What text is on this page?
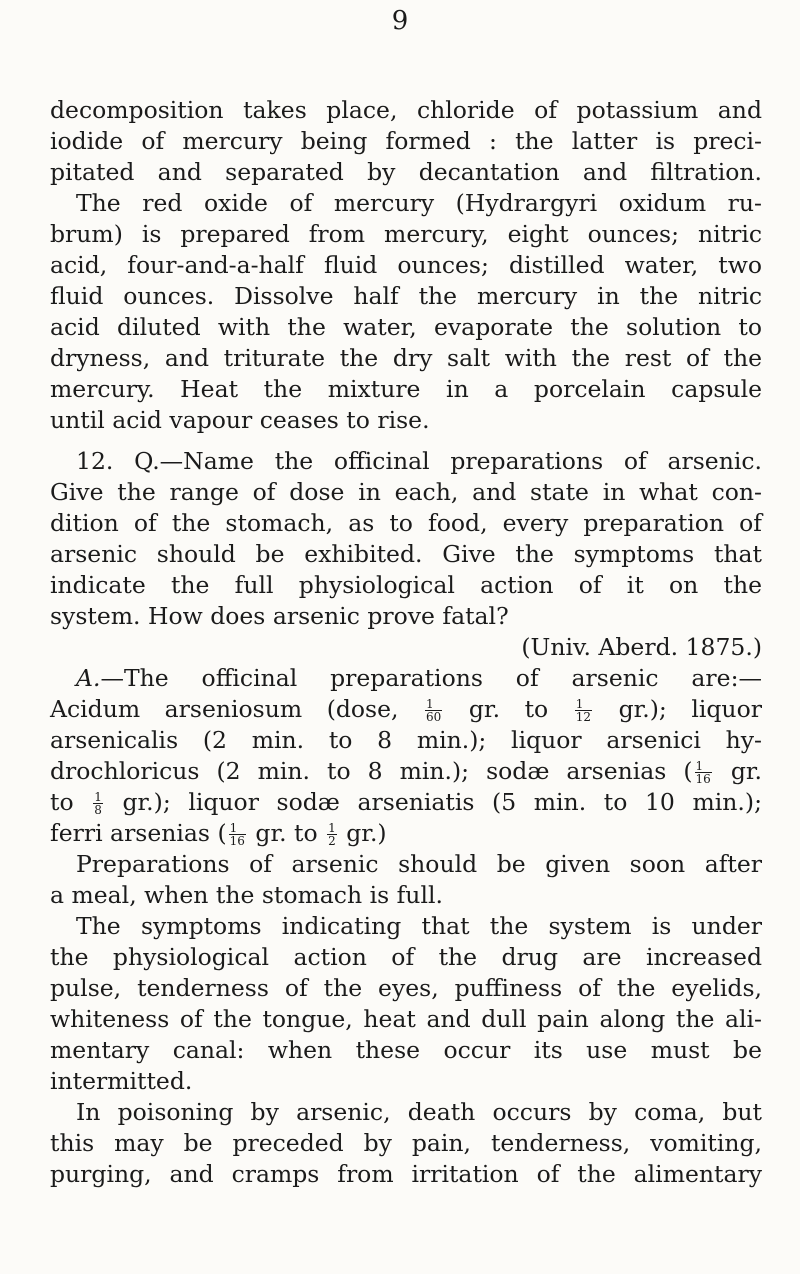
9
decomposition takes place, chloride of potassium and
iodide of mercury being formed : the latter is preci-
pitated and separated by decantation and filtration.
The red oxide of mercury (Hydrargyri oxidum ru-
brum) is prepared from mercury, eight ounces; nitric
acid, four-and-a-half fluid ounces; distilled water, two
fluid ounces. Dissolve half the mercury in the nitric
acid diluted with the water, evaporate the solution to
dryness, and triturate the dry salt with the rest of the
mercury. Heat the mixture in a porcelain capsule
until acid vapour ceases to rise.
12. Q.—Name the officinal preparations of arsenic.
Give the range of dose in each, and state in what con-
dition of the stomach, as to food, every preparation of
arsenic should be exhibited. Give the symptoms that
indicate the full physiological action of it on the
system. How does arsenic prove fatal?
(Univ. Aberd. 1875.)
A.—The officinal preparations of arsenic are:—
Acidum arseniosum (dose, $\frac{1}{60}$ gr. to $\frac{1}{12} gr$.); liquor
arsenicalis (2 min. to 8 min.); liquor arsenici hy-
drochloricus (2 min. to 8 min.); sodæ arsenias ( $\frac{1}{16}$ gr.
to $\frac{1}{8} gr$.); liquor sodæ arseniatis (5 min. to 10 min.);
ferri arsenias ( $\frac{1}{16}$ gr. to $\frac{1}{2} gr$.)
Preparations of arsenic should be given soon after
a meal, when the stomach is full.
The symptoms indicating that the system is under
the physiological action of the drug are increased
pulse, tenderness of the eyes, puffiness of the eyelids,
whiteness of the tongue, heat and dull pain along the ali-
mentary canal: when these occur its use must be
intermitted.
In poisoning by arsenic, death occurs by coma, but
this may be preceded by pain, tenderness, vomiting,
purging, and cramps from irritation of the alimentary
